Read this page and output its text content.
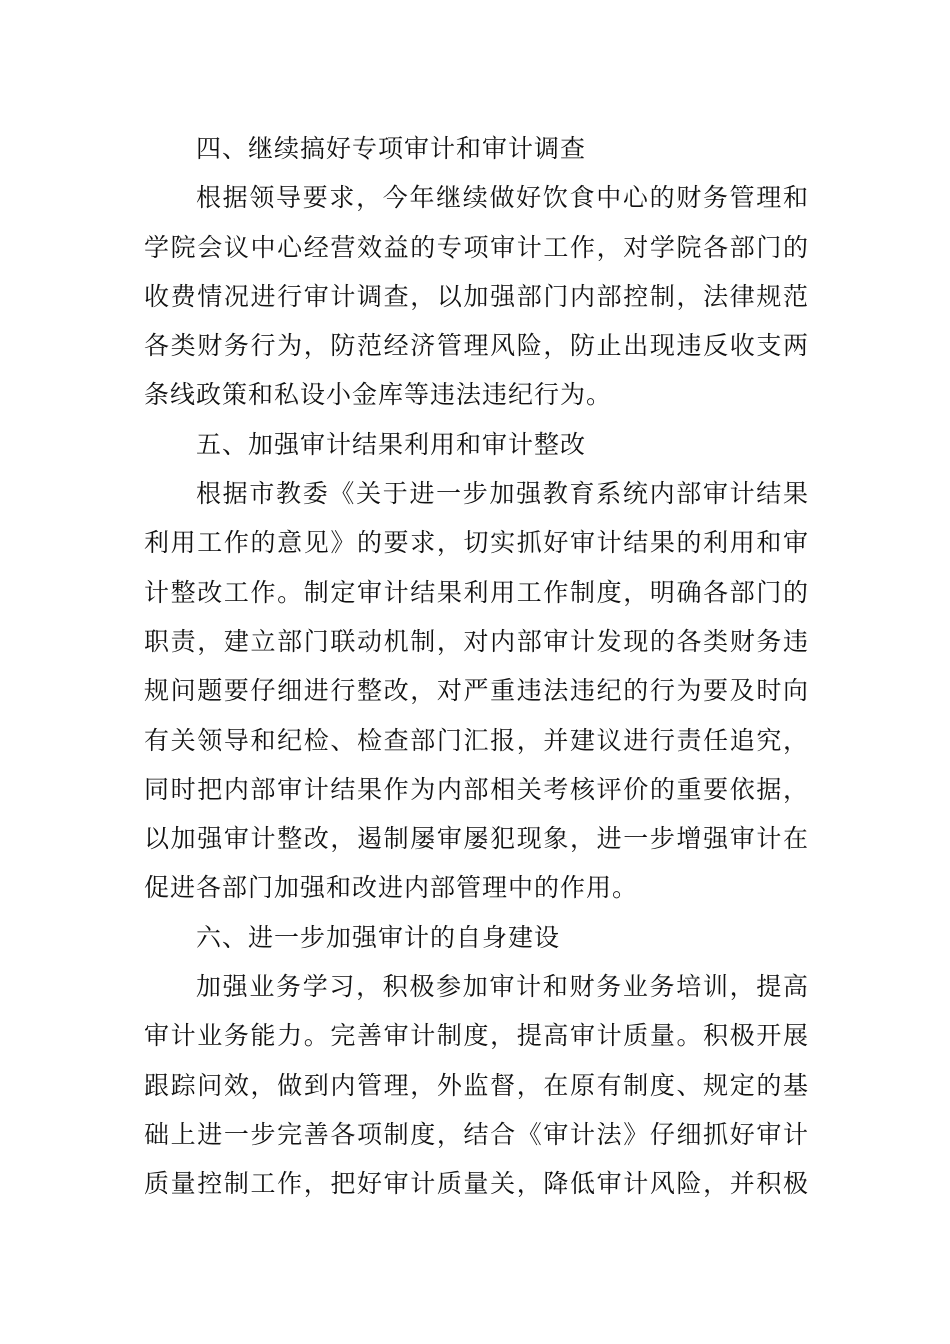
四、继续搞好专项审计和审计调查
根据领导要求，今年继续做好饮食中心的财务管理和
学院会议中心经营效益的专项审计工作，对学院各部门的
收费情况进行审计调查，以加强部门内部控制，法律规范
各类财务行为，防范经济管理风险，防止出现违反收支两
条线政策和私设小金库等违法违纪行为。
五、加强审计结果利用和审计整改
根据市教委《关于进一步加强教育系统内部审计结果
利用工作的意见》的要求，切实抓好审计结果的利用和审
计整改工作。制定审计结果利用工作制度，明确各部门的
职责，建立部门联动机制，对内部审计发现的各类财务违
规问题要仔细进行整改，对严重违法违纪的行为要及时向
有关领导和纪检、检查部门汇报，并建议进行责任追究，
同时把内部审计结果作为内部相关考核评价的重要依据，
以加强审计整改，遏制屡审屡犯现象，进一步增强审计在
促进各部门加强和改进内部管理中的作用。
六、进一步加强审计的自身建设
加强业务学习，积极参加审计和财务业务培训，提高
审计业务能力。完善审计制度，提高审计质量。积极开展
跟踪问效，做到内管理，外监督，在原有制度、规定的基
础上进一步完善各项制度，结合《审计法》仔细抓好审计
质量控制工作，把好审计质量关，降低审计风险，并积极
